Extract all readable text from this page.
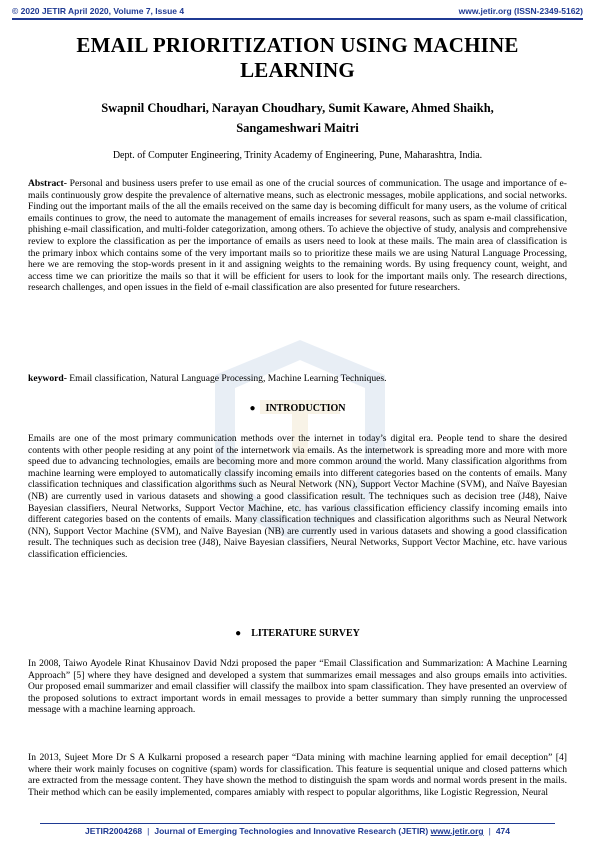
© 2020 JETIR April 2020, Volume 7, Issue 4	www.jetir.org (ISSN-2349-5162)
EMAIL PRIORITIZATION USING MACHINE
LEARNING
Swapnil Choudhari, Narayan Choudhary, Sumit Kaware, Ahmed Shaikh,
Sangameshwari Maitri
Dept. of Computer Engineering, Trinity Academy of Engineering, Pune, Maharashtra, India.
Abstract- Personal and business users prefer to use email as one of the crucial sources of communication. The usage and importance of e-mails continuously grow despite the prevalence of alternative means, such as electronic messages, mobile applications, and social networks. Finding out the important mails of the all the emails received on the same day is becoming difficult for many users, as the volume of critical emails continues to grow, the need to automate the management of emails increases for several reasons, such as spam e-mail classification, phishing e-mail classification, and multi-folder categorization, among others. To achieve the objective of study, analysis and comprehensive review to explore the classification as per the importance of emails as users need to look at these mails. The main area of classification is the primary inbox which contains some of the very important mails so to prioritize these mails we are using Natural Language Processing, here we are removing the stop-words present in it and assigning weights to the remaining words. By using frequency count, weight, and access time we can prioritize the mails so that it will be efficient for users to look for the important mails only. The research directions, research challenges, and open issues in the field of e-mail classification are also presented for future researchers.
keyword- Email classification, Natural Language Processing, Machine Learning Techniques.
● INTRODUCTION
Emails are one of the most primary communication methods over the internet in today’s digital era. People tend to share the desired contents with other people residing at any point of the internetwork via emails. As the internetwork is spreading more and more with more speed due to advancing technologies, emails are becoming more and more common around the world. Many classification algorithms from machine learning were employed to automatically classify incoming emails into different categories based on the contents of emails. Many classification techniques and classification algorithms such as Neural Network (NN), Support Vector Machine (SVM), and Naïve Bayesian (NB) are currently used in various datasets and showing a good classification result. The techniques such as decision tree (J48), Naive Bayesian classifiers, Neural Networks, Support Vector Machine, etc. has various classification efficiency classify incoming emails into different categories based on the contents of emails. Many classification techniques and classification algorithms such as Neural Network (NN), Support Vector Machine (SVM), and Naïve Bayesian (NB) are currently used in various datasets and showing a good classification result. The techniques such as decision tree (J48), Naive Bayesian classifiers, Neural Networks, Support Vector Machine, etc. have various classification efficiencies.
● LITERATURE SURVEY
In 2008, Taiwo Ayodele Rinat Khusainov David Ndzi proposed the paper “Email Classification and Summarization: A Machine Learning Approach” [5] where they have designed and developed a system that summarizes email messages and also groups emails into activities. Our proposed email summarizer and email classifier will classify the mailbox into spam classification. They have presented an overview of the proposed solutions to extract important words in email messages to provide a better summary than simply running the unprocessed message with a machine learning approach.
In 2013, Sujeet More Dr S A Kulkarni proposed a research paper “Data mining with machine learning applied for email deception” [4] where their work mainly focuses on cognitive (spam) words for classification. This feature is sequential unique and closed patterns which are extracted from the message content. They have shown the method to distinguish the spam words and normal words present in the mails. Their method which can be easily implemented, compares amiably with respect to popular algorithms, like Logistic Regression, Neural
JETIR2004268 | Journal of Emerging Technologies and Innovative Research (JETIR) www.jetir.org | 474
